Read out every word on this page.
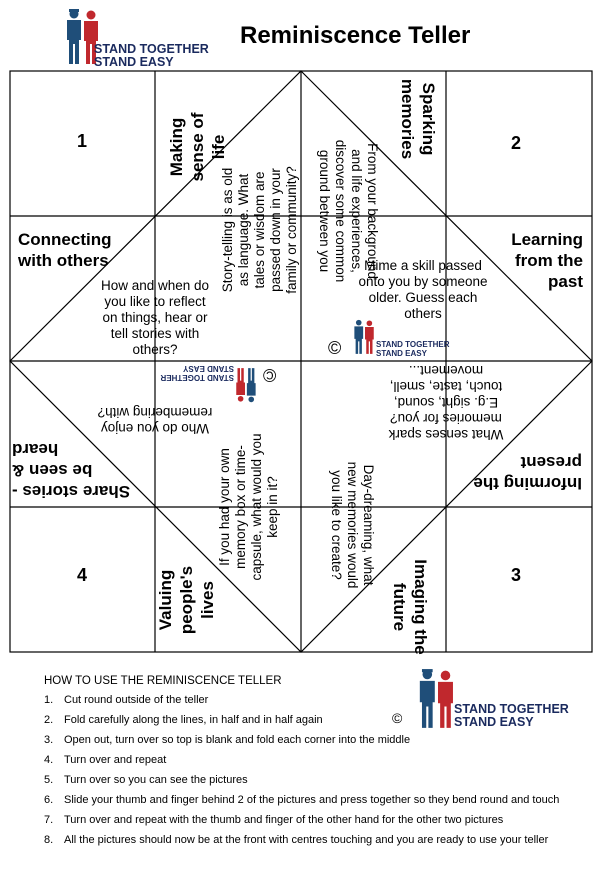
STAND TOGETHER
STAND EASY
Reminiscence Teller
1	2
4	3
Making sense of life	Sparking memories
Connecting with others
Learning from the past
Share stories - be seen & heard
Informing the present
Valuing people's lives	Imaging the future
Story-telling is as old as language. What tales or wisdom are passed down in your family or community?	From your background and life experiences, discover some common ground between you
How and when do you like to reflect on things, hear or tell stories with others?
Mime a skill passed onto you by someone older. Guess each others
Who do you enjoy remembering with?
What senses spark memories for you? E.g. sight, sound, touch, taste, smell, movement...
If you had your own memory box or time-capsule, what would you keep in it?	Day-dreaming, what new memories would you like to create?
STAND TOGETHER
STAND EASY
©
STAND TOGETHER
STAND EASY ©
HOW TO USE THE REMINISCENCE TELLER
1. Cut round outside of the teller
2. Fold carefully along the lines, in half and in half again
3. Open out, turn over so top is blank and fold each corner into the middle
4. Turn over and repeat
5. Turn over so you can see the pictures
6. Slide your thumb and finger behind 2 of the pictures and press together so they bend round and touch
7. Turn over and repeat with the thumb and finger of the other hand for the other two pictures
8. All the pictures should now be at the front with centres touching and you are ready to use your teller
STAND TOGETHER
STAND EASY
©
